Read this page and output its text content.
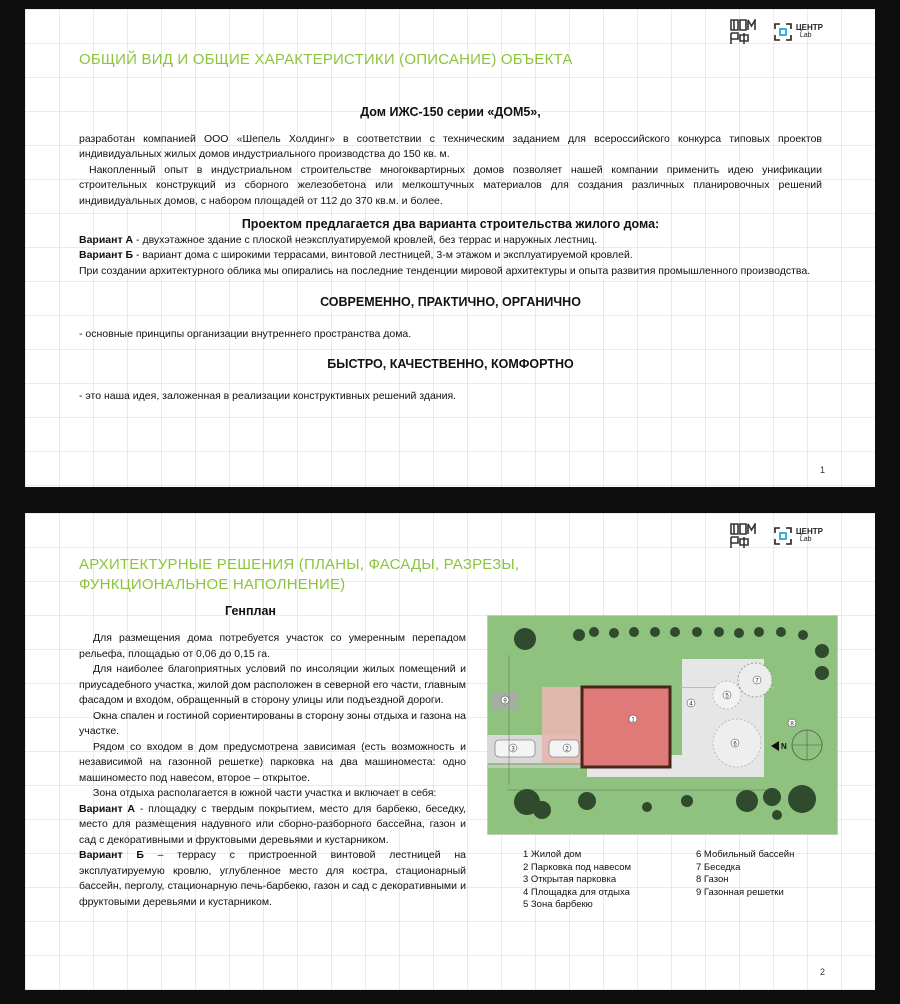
ЦЕНТР
Lab
ОБЩИЙ ВИД И ОБЩИЕ ХАРАКТЕРИСТИКИ (ОПИСАНИЕ) ОБЪЕКТА

Дом ИЖС-150 серии «ДОМ5»,

разработан компанией ООО «Шепель Холдинг» в соответствии с техническим заданием для всероссийского конкурса типовых проектов индивидуальных жилых домов индустриального производства до 150 кв. м.

Накопленный опыт в индустриальном строительстве многоквартирных домов позволяет нашей компании применить идею унификации строительных конструкций из сборного железобетона или мелкоштучных материалов для создания различных планировочных решений индивидуальных домов, с набором площадей от 112 до 370 кв.м. и более.

Проектом предлагается два варианта строительства жилого дома:

Вариант А - двухэтажное здание с плоской неэксплуатируемой кровлей, без террас и наружных лестниц.

Вариант Б - вариант дома с широкими террасами, винтовой лестницей, 3-м этажом и эксплуатируемой кровлей.

При создании архитектурного облика мы опирались на последние тенденции мировой архитектуры и опыта развития промышленного производства.

СОВРЕМЕННО, ПРАКТИЧНО, ОРГАНИЧНО

- основные принципы организации внутреннего пространства дома.

БЫСТРО, КАЧЕСТВЕННО, КОМФОРТНО

- это наша идея, заложенная в реализации конструктивных решений здания.

1
ЦЕНТР
Lab
АРХИТЕКТУРНЫЕ РЕШЕНИЯ (ПЛАНЫ, ФАСАДЫ, РАЗРЕЗЫ,
ФУНКЦИОНАЛЬНОЕ НАПОЛНЕНИЕ)
Генплан

Для размещения дома потребуется участок со умеренным перепадом рельефа, площадью от 0,06 до 0,15 га.

Для наиболее благоприятных условий по инсоляции жилых помещений и приусадебного участка, жилой дом расположен в северной его части, главным фасадом и входом, обращенный в сторону улицы или подъездной дороги.

Окна спален и гостиной сориентированы в сторону зоны отдыха и газона на участке.

Рядом со входом в дом предусмотрена зависимая (есть возможность и независимой на газонной решетке) парковка на два машиноместа: одно машиноместо под навесом, второе – открытое.

Зона отдыха располагается в южной части участка и включает в себя:

Вариант А - площадку с твердым покрытием, место для барбекю, беседку, место для размещения надувного или сборно-разборного бассейна, газон и сад с декоративными и фруктовыми деревьями и кустарником.

Вариант Б – террасу с пристроенной винтовой лестницей на эксплуатируемую кровлю, углубленное место для костра, стационарный бассейн, перголу, стационарную печь-барбекю, газон и сад с декоративными и фруктовыми деревьями и кустарником.

1
2
3
4
5
6
7
8
9
N
1 Жилой дом
2 Парковка под навесом
3 Открытая парковка
4 Площадка для отдыха
5 Зона барбекю
6 Мобильный бассейн
7 Беседка
8 Газон
9 Газонная решетки
2
